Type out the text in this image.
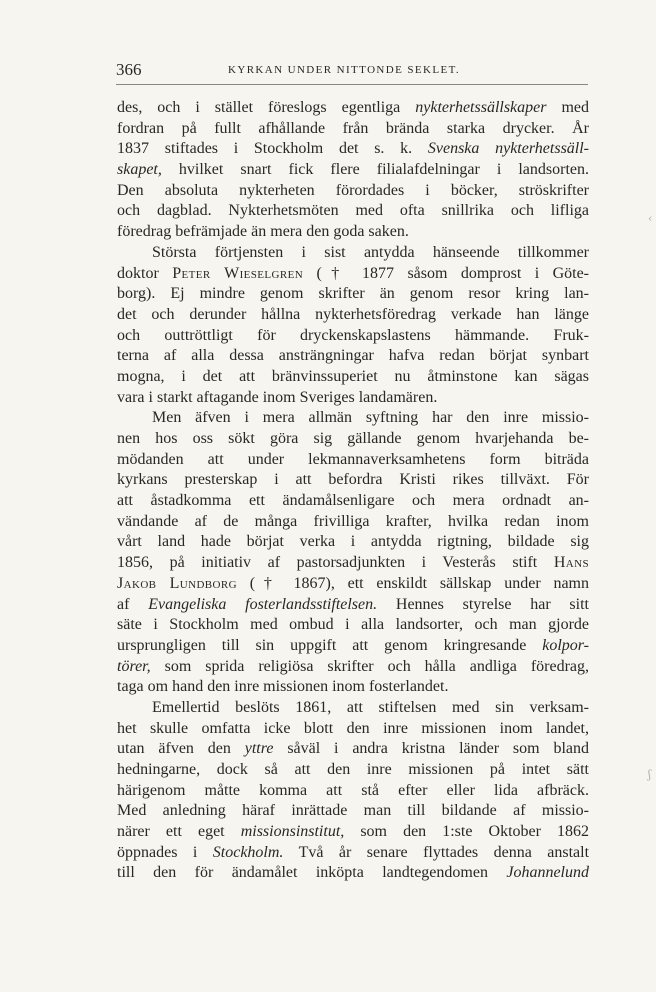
366	KYRKAN UNDER NITTONDE SEKLET.
des, och i stället föreslogs egentliga nykterhetssällskaper med
fordran på fullt afhållande från brända starka drycker. År
1837 stiftades i Stockholm det s. k. Svenska nykterhetssäll-
skapet, hvilket snart fick flere filialafdelningar i landsorten.
Den absoluta nykterheten förordades i böcker, ströskrifter
och dagblad. Nykterhetsmöten med ofta snillrika och lifliga
föredrag befrämjade än mera den goda saken.
Största förtjensten i sist antydda hänseende tillkommer
doktor Peter Wieselgren († 1877 såsom domprost i Göte-
borg). Ej mindre genom skrifter än genom resor kring lan-
det och derunder hållna nykterhetsföredrag verkade han länge
och outtröttligt för dryckenskapslastens hämmande. Fruk-
terna af alla dessa ansträngningar hafva redan börjat synbart
mogna, i det att bränvinssuperiet nu åtminstone kan sägas
vara i starkt aftagande inom Sveriges landamären.
Men äfven i mera allmän syftning har den inre missio-
nen hos oss sökt göra sig gällande genom hvarjehanda be-
mödanden att under lekmannaverksamhetens form biträda
kyrkans presterskap i att befordra Kristi rikes tillväxt. För
att åstadkomma ett ändamålsenligare och mera ordnadt an-
vändande af de många frivilliga krafter, hvilka redan inom
vårt land hade börjat verka i antydda rigtning, bildade sig
1856, på initiativ af pastorsadjunkten i Vesterås stift Hans
Jakob Lundborg († 1867), ett enskildt sällskap under namn
af Evangeliska fosterlandsstiftelsen. Hennes styrelse har sitt
säte i Stockholm med ombud i alla landsorter, och man gjorde
ursprungligen till sin uppgift att genom kringresande kolpor-
törer, som sprida religiösa skrifter och hålla andliga föredrag,
taga om hand den inre missionen inom fosterlandet.
Emellertid beslöts 1861, att stiftelsen med sin verksam-
het skulle omfatta icke blott den inre missionen inom landet,
utan äfven den yttre såväl i andra kristna länder som bland
hedningarne, dock så att den inre missionen på intet sätt
härigenom måtte komma att stå efter eller lida afbräck.
Med anledning häraf inrättade man till bildande af missio-
närer ett eget missionsinstitut, som den 1:ste Oktober 1862
öppnades i Stockholm. Två år senare flyttades denna anstalt
till den för ändamålet inköpta landtegendomen Johannelund
‹
ʃ
